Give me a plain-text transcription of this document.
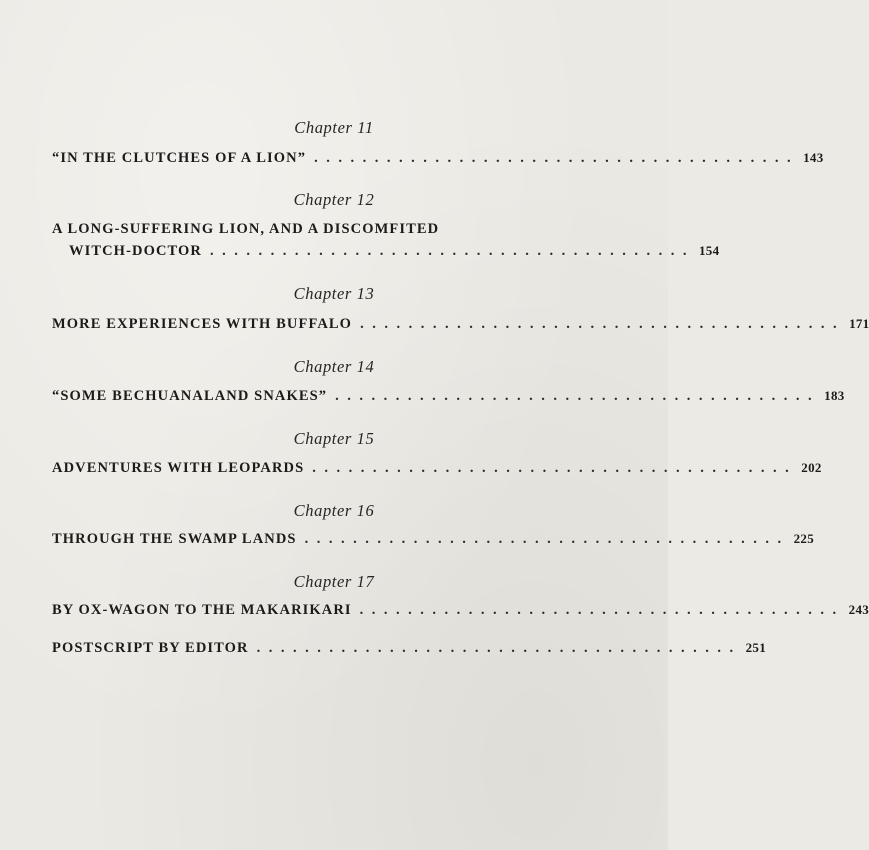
Chapter 11
“IN THE CLUTCHES OF A LION” ........................................ 143
Chapter 12
A LONG-SUFFERING LION, AND A DISCOMFITED
WITCH-DOCTOR ........................................ 154
Chapter 13
MORE EXPERIENCES WITH BUFFALO ........................................ 171
Chapter 14
“SOME BECHUANALAND SNAKES” ........................................ 183
Chapter 15
ADVENTURES WITH LEOPARDS ........................................ 202
Chapter 16
THROUGH THE SWAMP LANDS ........................................ 225
Chapter 17
BY OX-WAGON TO THE MAKARIKARI ........................................ 243
POSTSCRIPT BY EDITOR ........................................ 251
